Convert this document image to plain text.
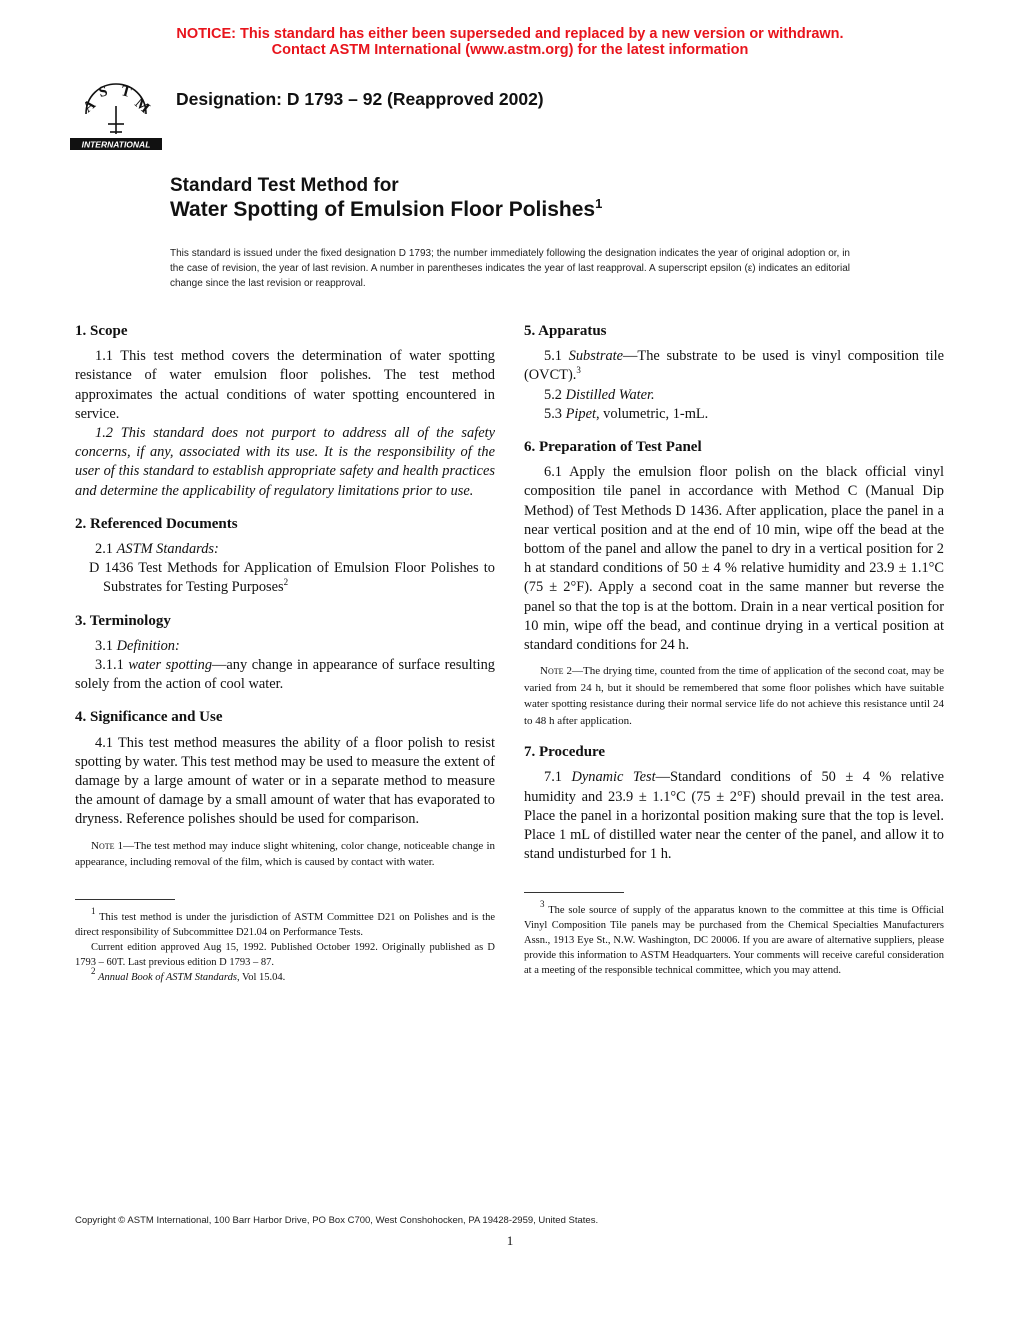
NOTICE: This standard has either been superseded and replaced by a new version or withdrawn.
Contact ASTM International (www.astm.org) for the latest information
A
S T
M
INTERNATIONAL
Designation: D 1793 – 92 (Reapproved 2002)
Standard Test Method for
Water Spotting of Emulsion Floor Polishes$^1$
This standard is issued under the fixed designation D 1793; the number immediately following the designation indicates the year of original adoption or, in the case of revision, the year of last revision. A number in parentheses indicates the year of last reapproval. A superscript epsilon (ε) indicates an editorial change since the last revision or reapproval.
1. Scope

1.1 This test method covers the determination of water spotting resistance of water emulsion floor polishes. The test method approximates the actual conditions of water spotting encountered in service.

1.2 This standard does not purport to address all of the safety concerns, if any, associated with its use. It is the responsibility of the user of this standard to establish appropriate safety and health practices and determine the applicability of regulatory limitations prior to use.

2. Referenced Documents

2.1 ASTM Standards:

D 1436 Test Methods for Application of Emulsion Floor Polishes to Substrates for Testing Purposes$^2$

3. Terminology

3.1 Definition:

3.1.1 water spotting—any change in appearance of surface resulting solely from the action of cool water.

4. Significance and Use

4.1 This test method measures the ability of a floor polish to resist spotting by water. This test method may be used to measure the extent of damage by a large amount of water or in a separate method to measure the amount of damage by a small amount of water that has evaporated to dryness. Reference polishes should be used for comparison.

Note 1—The test method may induce slight whitening, color change, noticeable change in appearance, including removal of the film, which is caused by contact with water.

$^1$ This test method is under the jurisdiction of ASTM Committee D21 on Polishes and is the direct responsibility of Subcommittee D21.04 on Performance Tests.

Current edition approved Aug 15, 1992. Published October 1992. Originally published as D 1793 – 60T. Last previous edition D 1793 – 87.

$^2$ Annual Book of ASTM Standards, Vol 15.04.

5. Apparatus

5.1 Substrate—The substrate to be used is vinyl composition tile (OVCT).$^3$

5.2 Distilled Water.

5.3 Pipet, volumetric, 1-mL.

6. Preparation of Test Panel

6.1 Apply the emulsion floor polish on the black official vinyl composition tile panel in accordance with Method C (Manual Dip Method) of Test Methods D 1436. After application, place the panel in a near vertical position and at the end of 10 min, wipe off the bead at the bottom of the panel and allow the panel to dry in a vertical position for 2 h at standard conditions of 50 ± 4 % relative humidity and 23.9 ± 1.1°C (75 ± 2°F). Apply a second coat in the same manner but reverse the panel so that the top is at the bottom. Drain in a near vertical position for 10 min, wipe off the bead, and continue drying in a vertical position at standard conditions for 24 h.

Note 2—The drying time, counted from the time of application of the second coat, may be varied from 24 h, but it should be remembered that some floor polishes which have suitable water spotting resistance during their normal service life do not achieve this resistance until 24 to 48 h after application.

7. Procedure

7.1 Dynamic Test—Standard conditions of 50 ± 4 % relative humidity and 23.9 ± 1.1°C (75 ± 2°F) should prevail in the test area. Place the panel in a horizontal position making sure that the top is level. Place 1 mL of distilled water near the center of the panel, and allow it to stand undisturbed for 1 h.

$^3$ The sole source of supply of the apparatus known to the committee at this time is Official Vinyl Composition Tile panels may be purchased from the Chemical Specialties Manufacturers Assn., 1913 Eye St., N.W. Washington, DC 20006. If you are aware of alternative suppliers, please provide this information to ASTM Headquarters. Your comments will receive careful consideration at a meeting of the responsible technical committee, which you may attend.

Copyright © ASTM International, 100 Barr Harbor Drive, PO Box C700, West Conshohocken, PA 19428-2959, United States.
1
